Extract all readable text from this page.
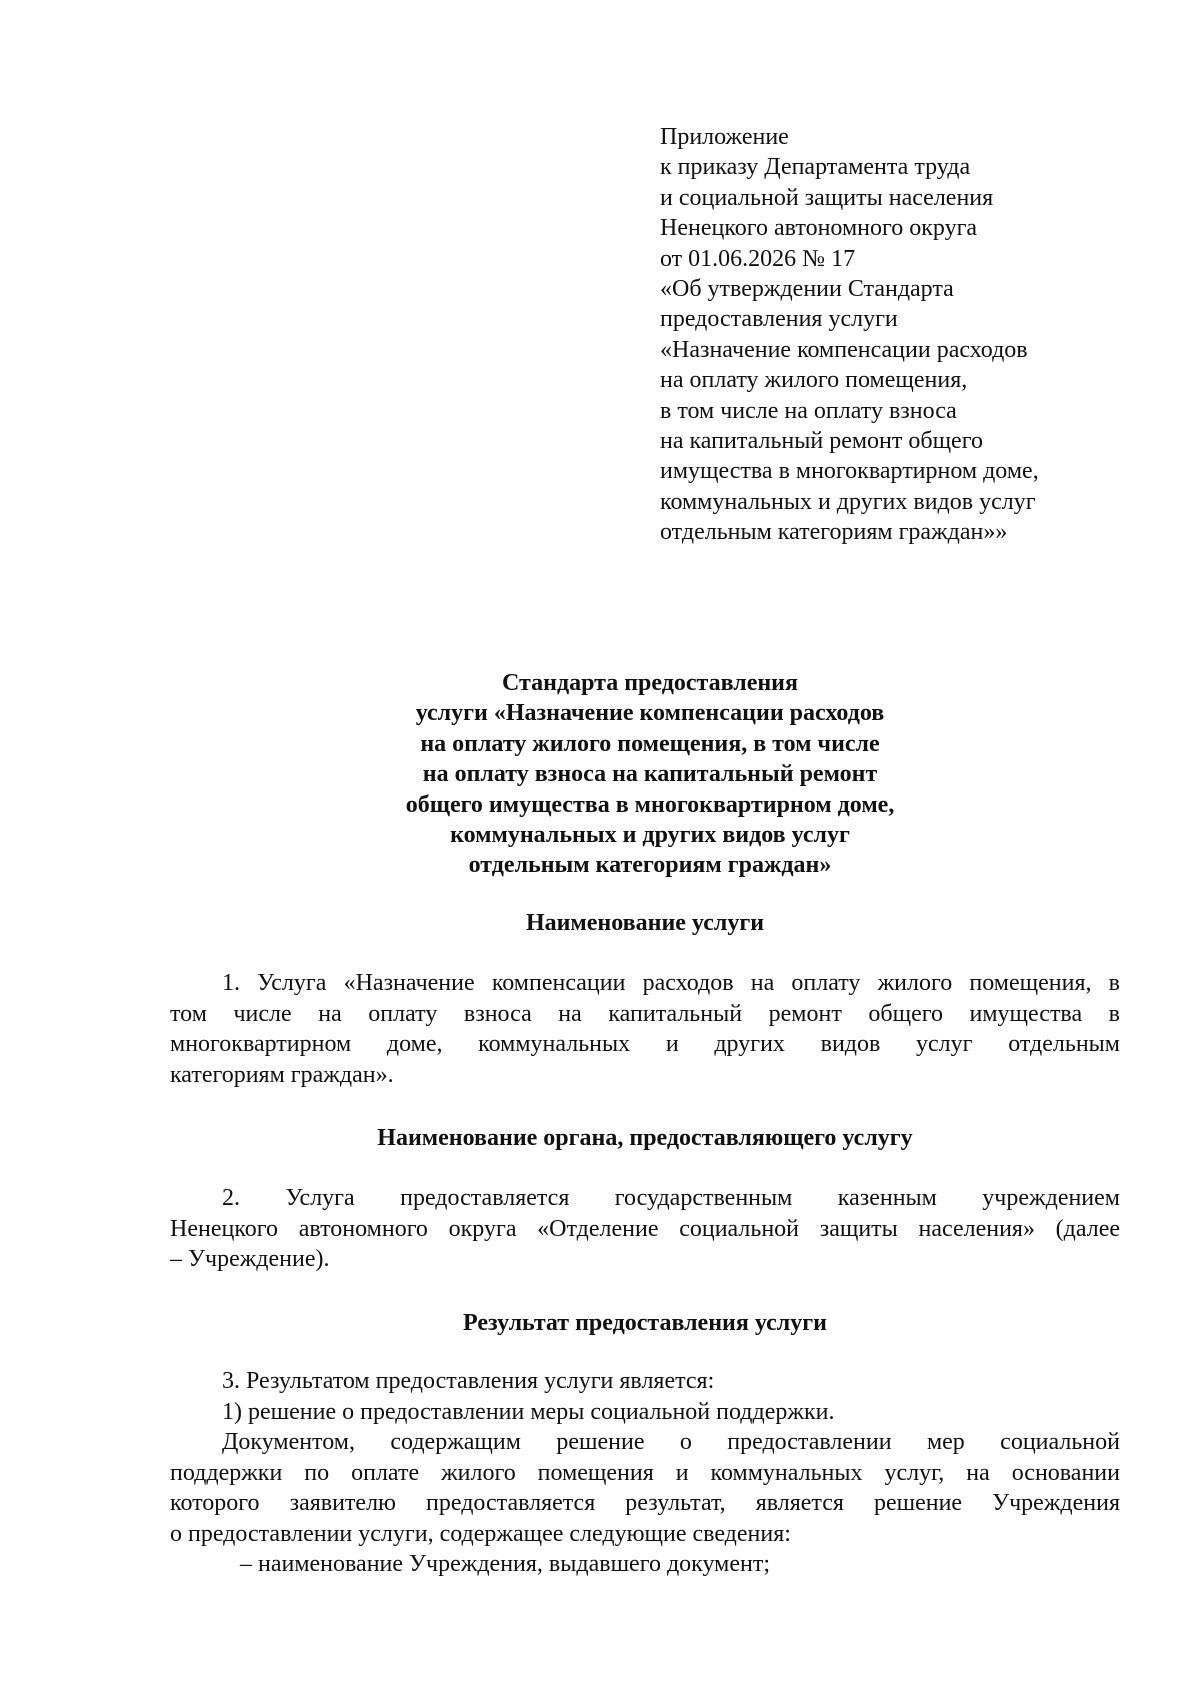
Приложение
к приказу Департамента труда
и социальной защиты населения
Ненецкого автономного округа
от 01.06.2026 № 17
«Об утверждении Стандарта
предоставления услуги
«Назначение компенсации расходов
на оплату жилого помещения,
в том числе на оплату взноса
на капитальный ремонт общего
имущества в многоквартирном доме,
коммунальных и других видов услуг
отдельным категориям граждан»»
Стандарта предоставления
услуги «Назначение компенсации расходов
на оплату жилого помещения, в том числе
на оплату взноса на капитальный ремонт
общего имущества в многоквартирном доме,
коммунальных и других видов услуг
отдельным категориям граждан»
Наименование услуги
1. Услуга «Назначение компенсации расходов на оплату жилого помещения, в
том числе на оплату взноса на капитальный ремонт общего имущества в
многоквартирном доме, коммунальных и других видов услуг отдельным
категориям граждан».
Наименование органа, предоставляющего услугу
2. Услуга предоставляется государственным казенным учреждением
Ненецкого автономного округа «Отделение социальной защиты населения» (далее
– Учреждение).
Результат предоставления услуги
3. Результатом предоставления услуги является:
1) решение о предоставлении меры социальной поддержки.
Документом, содержащим решение о предоставлении мер социальной
поддержки по оплате жилого помещения и коммунальных услуг, на основании
которого заявителю предоставляется результат, является решение Учреждения
о предоставлении услуги, содержащее следующие сведения:
– наименование Учреждения, выдавшего документ;
